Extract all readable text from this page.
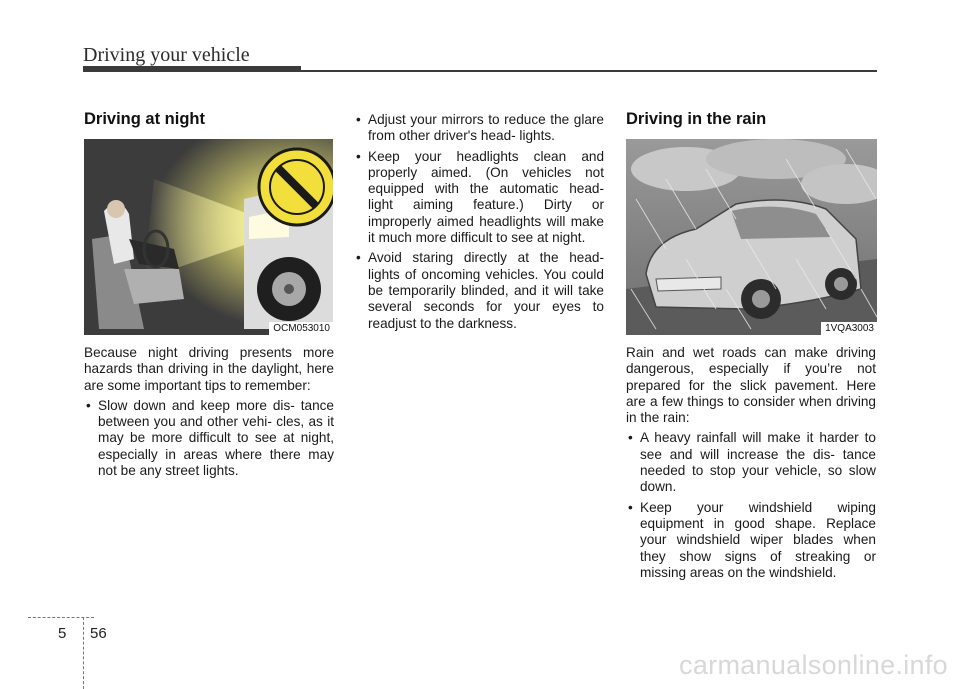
Driving your vehicle
Driving at night
OCM053010

Because night driving presents more hazards than driving in the daylight, here are some important tips to remember:

• Slow down and keep more dis- tance between you and other vehi- cles, as it may be more difficult to see at night, especially in areas where there may not be any street lights.
• Adjust your mirrors to reduce the glare from other driver's head- lights.
• Keep your headlights clean and properly aimed. (On vehicles not equipped with the automatic head- light aiming feature.) Dirty or improperly aimed headlights will make it much more difficult to see at night.
• Avoid staring directly at the head- lights of oncoming vehicles. You could be temporarily blinded, and it will take several seconds for your eyes to readjust to the darkness.
Driving in the rain
1VQA3003

Rain and wet roads can make driving dangerous, especially if you’re not prepared for the slick pavement. Here are a few things to consider when driving in the rain:

• A heavy rainfall will make it harder to see and will increase the dis- tance needed to stop your vehicle, so slow down.
• Keep your windshield wiping equipment in good shape. Replace your windshield wiper blades when they show signs of streaking or missing areas on the windshield.
5 56
carmanualsonline.info
